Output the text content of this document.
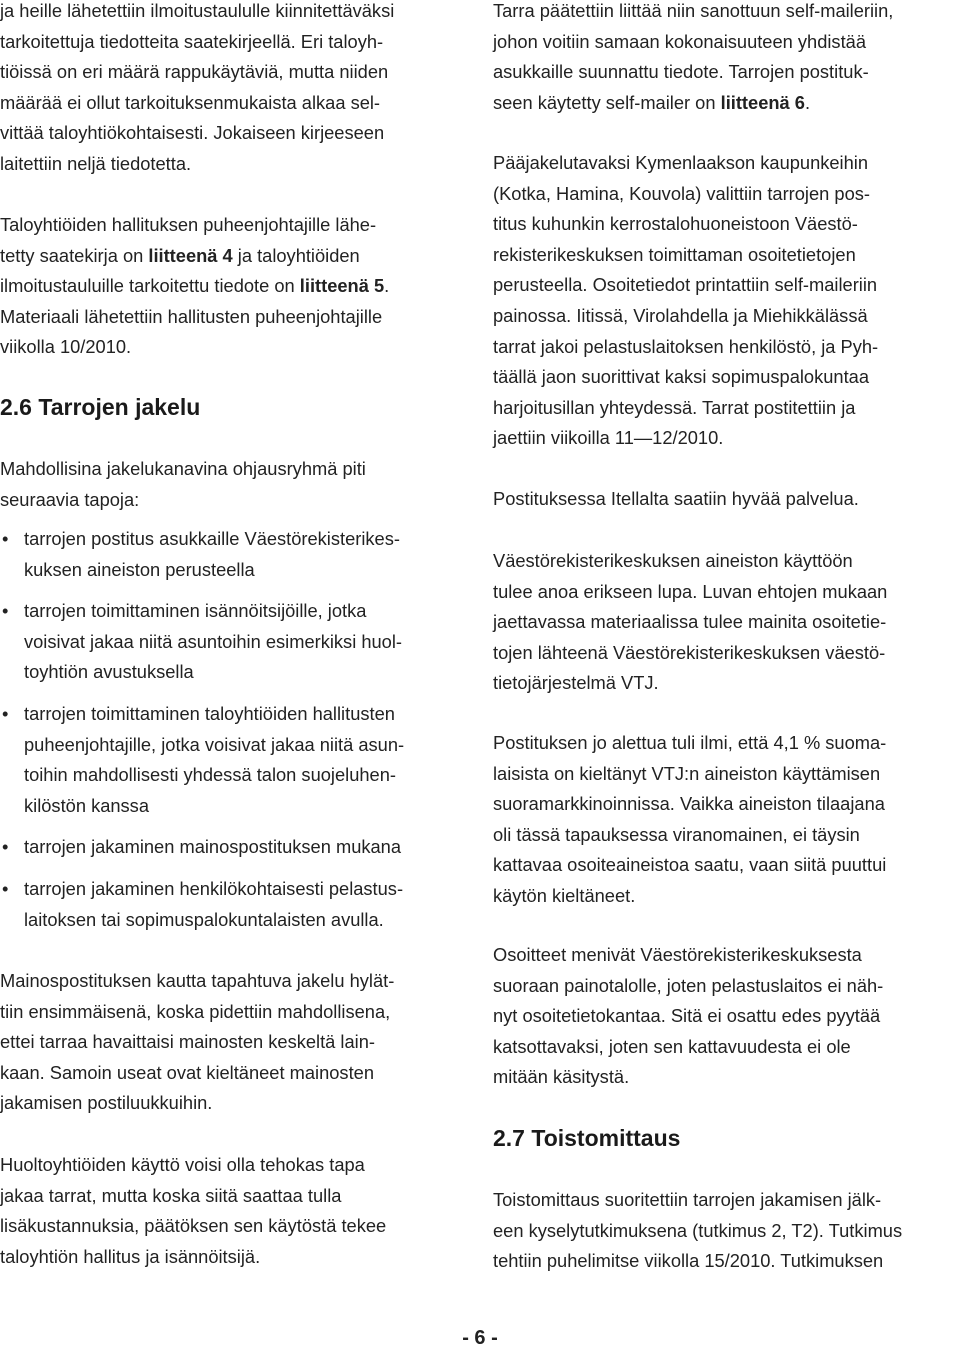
ja heille lähetettiin ilmoitustaululle kiinnitettäväksi
tarkoitettuja tiedotteita saatekirjeellä. Eri taloyh-
tiöissä on eri määrä rappukäytäviä, mutta niiden
määrää ei ollut tarkoituksenmukaista alkaa sel-
vittää taloyhtiökohtaisesti. Jokaiseen kirjeeseen
laitettiin neljä tiedotetta.

Taloyhtiöiden hallituksen puheenjohtajille lähe-
tetty saatekirja on liitteenä 4 ja taloyhtiöiden
ilmoitustauluille tarkoitettu tiedote on liitteenä 5.
Materiaali lähetettiin hallitusten puheenjohtajille
viikolla 10/2010.

2.6 Tarrojen jakelu

Mahdollisina jakelukanavina ohjausryhmä piti
seuraavia tapoja:

• tarrojen postitus asukkaille Väestörekisterikes-
kuksen aineiston perusteella
• tarrojen toimittaminen isännöitsijöille, jotka
voisivat jakaa niitä asuntoihin esimerkiksi huol-
toyhtiön avustuksella
• tarrojen toimittaminen taloyhtiöiden hallitusten
puheenjohtajille, jotka voisivat jakaa niitä asun-
toihin mahdollisesti yhdessä talon suojeluhen-
kilöstön kanssa
• tarrojen jakaminen mainospostituksen mukana
• tarrojen jakaminen henkilökohtaisesti pelastus-
laitoksen tai sopimuspalokuntalaisten avulla.

Mainospostituksen kautta tapahtuva jakelu hylät-
tiin ensimmäisenä, koska pidettiin mahdollisena,
ettei tarraa havaittaisi mainosten keskeltä lain-
kaan. Samoin useat ovat kieltäneet mainosten
jakamisen postiluukkuihin.

Huoltoyhtiöiden käyttö voisi olla tehokas tapa
jakaa tarrat, mutta koska siitä saattaa tulla
lisäkustannuksia, päätöksen sen käytöstä tekee
taloyhtiön hallitus ja isännöitsijä.

Tarra päätettiin liittää niin sanottuun self-maileriin,
johon voitiin samaan kokonaisuuteen yhdistää
asukkaille suunnattu tiedote. Tarrojen postituk-
seen käytetty self-mailer on liitteenä 6.

Pääjakelutavaksi Kymenlaakson kaupunkeihin
(Kotka, Hamina, Kouvola) valittiin tarrojen pos-
titus kuhunkin kerrostalohuoneistoon Väestö-
rekisterikeskuksen toimittaman osoitetietojen
perusteella. Osoitetiedot printattiin self-maileriin
painossa. Iitissä, Virolahdella ja Miehikkälässä
tarrat jakoi pelastuslaitoksen henkilöstö, ja Pyh-
täällä jaon suorittivat kaksi sopimuspalokuntaa
harjoitusillan yhteydessä. Tarrat postitettiin ja
jaettiin viikoilla 11—12/2010.

Postituksessa Itellalta saatiin hyvää palvelua.

Väestörekisterikeskuksen aineiston käyttöön
tulee anoa erikseen lupa. Luvan ehtojen mukaan
jaettavassa materiaalissa tulee mainita osoitetie-
tojen lähteenä Väestörekisterikeskuksen väestö-
tietojärjestelmä VTJ.

Postituksen jo alettua tuli ilmi, että 4,1 % suoma-
laisista on kieltänyt VTJ:n aineiston käyttämisen
suoramarkkinoinnissa. Vaikka aineiston tilaajana
oli tässä tapauksessa viranomainen, ei täysin
kattavaa osoiteaineistoa saatu, vaan siitä puuttui
käytön kieltäneet.

Osoitteet menivät Väestörekisterikeskuksesta
suoraan painotalolle, joten pelastuslaitos ei näh-
nyt osoitetietokantaa. Sitä ei osattu edes pyytää
katsottavaksi, joten sen kattavuudesta ei ole
mitään käsitystä.

2.7 Toistomittaus

Toistomittaus suoritettiin tarrojen jakamisen jälk-
een kyselytutkimuksena (tutkimus 2, T2). Tutkimus
tehtiin puhelimitse viikolla 15/2010. Tutkimuksen

- 6 -
